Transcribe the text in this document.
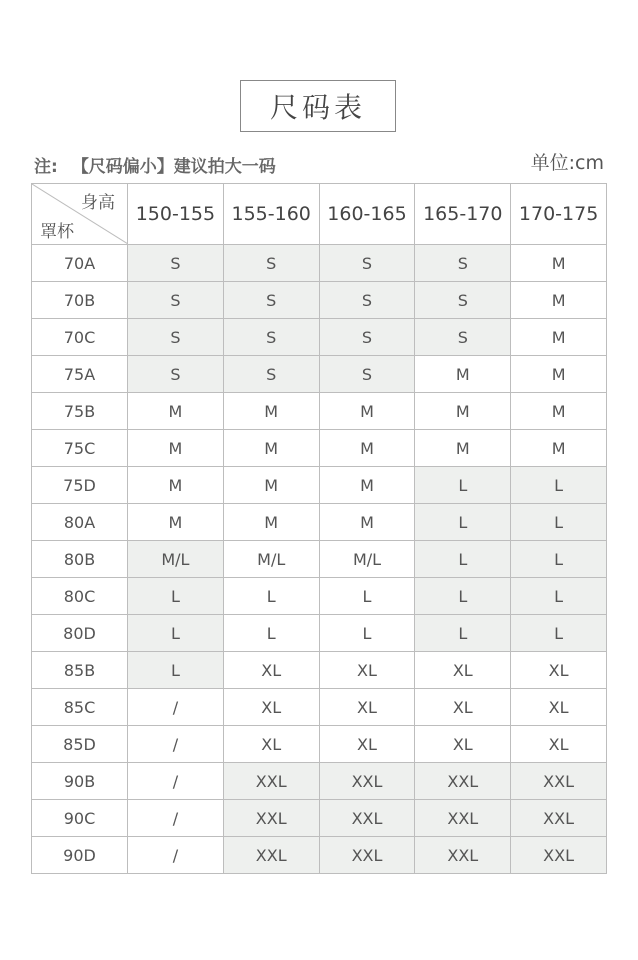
尺码表
注: 【尺码偏小】建议拍大一码	单位:cm
身高
罩杯	150-155	155-160	160-165	165-170	170-175
70A	S	S	S	S	M
70B	S	S	S	S	M
70C	S	S	S	S	M
75A	S	S	S	M	M
75B	M	M	M	M	M
75C	M	M	M	M	M
75D	M	M	M	L	L
80A	M	M	M	L	L
80B	M/L	M/L	M/L	L	L
80C	L	L	L	L	L
80D	L	L	L	L	L
85B	L	XL	XL	XL	XL
85C	/	XL	XL	XL	XL
85D	/	XL	XL	XL	XL
90B	/	XXL	XXL	XXL	XXL
90C	/	XXL	XXL	XXL	XXL
90D	/	XXL	XXL	XXL	XXL
